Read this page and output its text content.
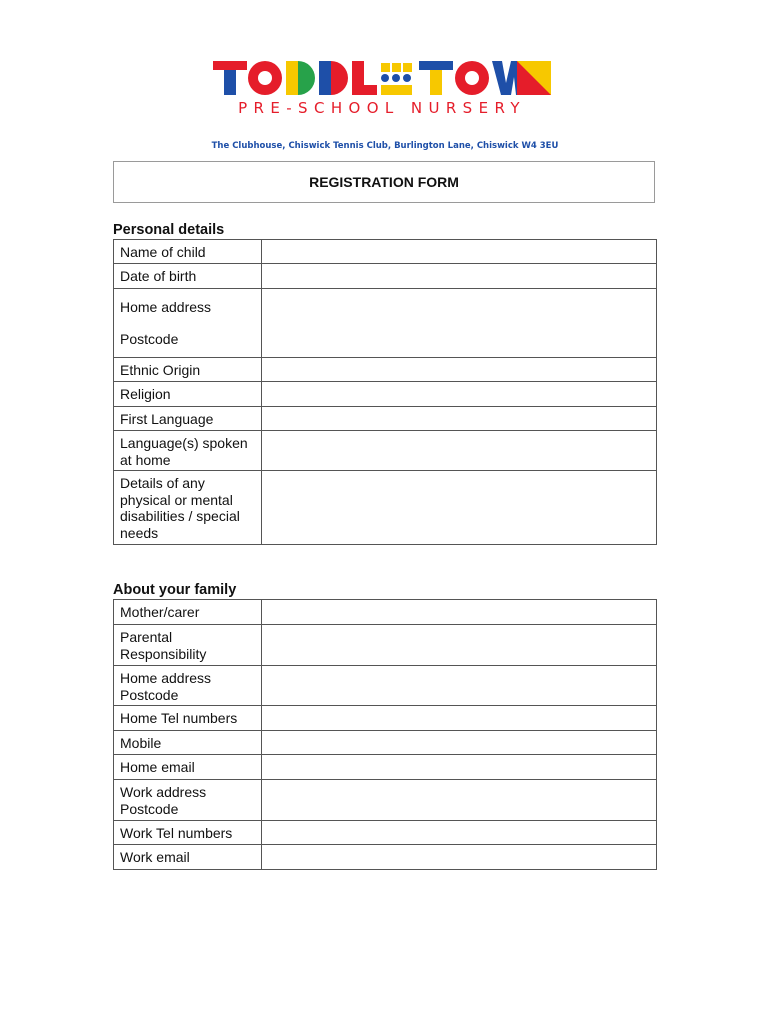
PRE-SCHOOL NURSERY
The Clubhouse, Chiswick Tennis Club, Burlington Lane, Chiswick W4 3EU
REGISTRATION FORM
Personal details
Name of child	

Date of birth	

Home address
Postcode	

Ethnic Origin	

Religion	

First Language	

Language(s) spoken at home	

Details of any physical or mental disabilities / special needs	

About your family
Mother/carer	

Parental Responsibility	

Home address Postcode	

Home Tel numbers	

Mobile	

Home email	

Work address Postcode	

Work Tel numbers	

Work email	
